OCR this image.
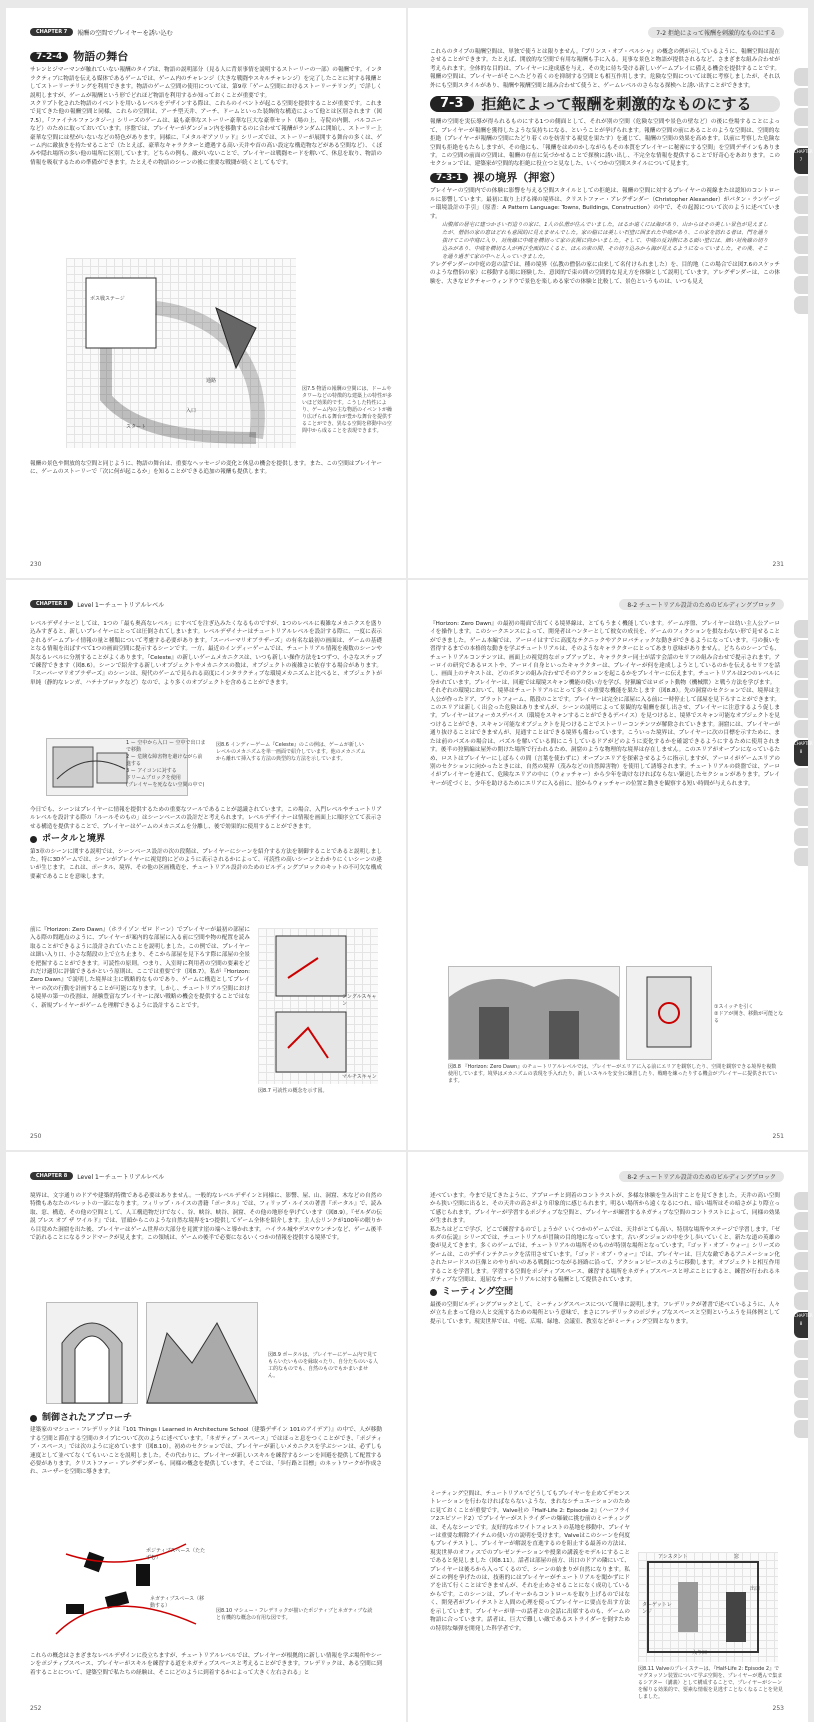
CHAPTER 7	報酬の空間でプレイヤーを誘い込む
7-2-4	物語の舞台
サレンとジマーマンが触れていない報酬のタイプは、物語の説明部分（見る人に背景事情を説明するストーリーの一部）の報酬です。インタラクティブに物語を伝える媒体であるゲームでは、ゲーム内のチャレンジ（大きな戦闘やスキルチャレンジ）を完了したことに対する報酬としてストーリーテリングを利用できます。物語のゲーム空間の使用については、第9章「ゲーム空間におけるストーリーテリング」で詳しく説明しますが、ゲームが報酬という形でどれほど物語を利用するか知っておくことが重要です。
スクリプト化された物語のイベントを用いるレベルをデザインする際は、これらのイベントが起こる空間を提供することが重要です。これまで見てきた他の報酬空間と同様、これらの空間は、アーチ型天井、アーチ、ドームといった装飾的な構造によって他とは区別されます（図7.5）。『ファイナルファンタジー』シリーズのゲームは、最も豪華なストーリー豪華な巨大な豪華セット（場の上、寺院の内側、バルコニーなど）のために取っておいています。序盤では、プレイヤーがダンジョン内を移動するのに合わせて報酬がランダムに開始し、ストーリー上豪華な空間には壁がいないなどの特色があります。同様に、『メタルギアソリッド』シリーズでは、ストーリーが展開する舞台の多くは、ゲーム内に敵抜きを持たせることで（たとえば、豪華なキャラクターと遭遇する高い天井や首の高い設定な構造物などがある空間など）、くぼみや隠れ場所の多い他の場所に区別しています。どちらの例も、敵がいないことで、プレイヤーは戦闘モードを解いて、休息を取り、物語の情報を吸収するための準備ができます。たとえその物語のシーンの後に重要な戦闘が続くとしてもです。
ボス戦ステージ
スタート
通路
入口
図7.5 物語の報酬の空間には、ドームやタワーなどの特徴的な建築上の特性が多いほど効果的です。こうした特性により、ゲーム内の主な物語のイベントが繰り広げられる舞台が豊かな舞台を提供することができ、異なる空間を移動中の空間中から成ることを表現できます。
報酬の景色や開放的な空間と同じように、物語の舞台は、重要なヘッセージの変化と休息の機会を提供します。また、この空間はプレイヤーに、ゲームのストーリーで「次に何が起こるか」を知ることができる追加の報酬も提供します。
230
7-2 拒絶によって報酬を刺激的なものにする
CHAPTER 7
これらのタイプの報酬空間は、単独で使うとは限りません。『プリンス・オブ・ペルシャ』の概念の例が示しているように、報酬空間は混在させることができます。たとえば、開放的な空間で有用な報酬も手に入る。見事な景色と物語が提供されるなど、さまざまな組み合わせが考えられます。全体的な目的は、プレイヤーに達成感を与え、その先に待ち受ける新しいゲームプレイに備える機会を提供することです。報酬の空間は、プレイヤーがそこへたどり着くのを抑制する空間とも相互作用します。危険な空間については既に考察しましたが、それ以外にも空間スタイルがあり、報酬や報酬空間と組み合わせて使うと、ゲームレベルのさらなる探検へと誘い出すことができます。
7-3	拒絶によって報酬を刺激的なものにする
報酬の空間を実伝導が得られるものにする1つの側面として、それが別の空間（危険な空間や景色の壁など）の後に登場することによって、プレイヤーが報酬を獲得したような気持ちになる、ということが挙げられます。報酬の空間の前にあることのような空間は、空間的な拒絶（プレイヤーが報酬の空間にたどり着くのを妨害する視覚を果たす）を通じて、報酬の空間の効果を高めます。以前に考察した危険な空間も拒絶をもたらしますが、その他にも、「報酬をはめのかしながらもその本質をプレイヤーに秘密にする空間」を空間デザインもあります。この空間の前面の空間は、報酬の存在に気づかせることで探検に誘い出し、不完全な情報を提供することで好奇心をあおります。このセクションでは、建築家が空間的な拒絶に役立つと見なした、いくつかの空間スタイルについて見ます。
7-3-1	裸の境界（押窓）
プレイヤーの空間内での体験に影響を与える空間スタイルとしての拒絶は、報酬の空間に対するプレイヤーの視線または認知のコントロールに影響しています。最初に取り上げる裸の境界は、クリストファー・アレグザンダー（Christopher Alexander）がパタン・ランゲージ ー環境設計の手引」（原書：A Pattern Language: Towns, Buildings, Construction）の中で、その起源について次のように述べています。
山腹部の居宅に建つかさい石造りの家に、1人の仏僧が住んでいました。はるか遠くには海があり、山からはその美しい景色が見えましたが、僧侶の家の窓はどれも意図的に見えませんでした。家の脇には美しい石壁に囲まれた中庭があり、この家を訪れる者は、門を通り抜けてこの中庭に入り、対角線に中庭を横切って家の玄関に向かいました。そして、中庭の反対側にある面い壁には、細い対角線の切り込みがあり、中庭を横切る人が再び全面的にくると、ほんの束の間、その切り込みから海が見えるようになっていました。その後、そこを通り過ぎて家の中へと入っていきました。
アレグザンダーの中庭の窓の話では、種の境界（仏教の僧侶の家に由来して名付けられました）を、目的地（この場合では図7.6のスケッチのような僧侶の家）に移動する間に経験した、意図的で束の間の空間的な見え方を体験として説明しています。アレグザンダーは、この体験を、大きなピクチャーウィンドウで景色を楽しめる家での体験と比較して、景色というものは、いつも見え
231
CHAPTER 8	Level 1ーチュートリアルレベル
レベルデザイナーとしては、1つの「最も奥高なレベル」にすべてを注ぎ込みたくなるものですが、1つのレベルに複雑なメカニクスを盛り込みすぎると、新しいプレイヤーにとっては圧倒されてしまいます。レベルデザイナーはチュートリアルレベルを設計する際に、一度に表示されるゲームプレイ情報の量と種類について考慮する必要があります。「スーパーマリオブラザーズ」の有名な最初の画面は、ゲームの基礎となる情報を出ばすべて1つの画面空間に提示するシーンです。一方、最近のインディーゲームでは、チュートリアル情報を複数のシーンや異なるレベルに分割することがよくあります。『Celeste』の新しいゲームメカニクスは、いつも新しい操作方法を1つずつ、小さなステップで練習できます（図8.6）。シーンで紹介する新しいオブジェクトやメカニクスの数は、オブジェクトの複雑さに依存する場合があります。『スーパーマリオブラザーズ』のシーンは、現代のゲームで見られる高度にインタラクティブな環境メカニズムと比べると、オブジェクトが単純（静的なレンガ、ハテナブロックなど）なので、より多くのオブジェクトを含めることができます。
1 ー 空中から入口 ー 空中で出口まで移動
2 ー 危険な障害物を避けながら前進する
3 ー アイコンに対する
ドリームブロックを使用
(プレイヤーを死なない空間の中で)
図8.6 インディーゲーム『Celeste』のこの例は、ゲームが新しいレベルのメカニズムを単一画面で紹介しています。他のメカニズムから離れて挿入する方法の典型的な方法を示しています。
今日でも、シーンはプレイヤーに情報を提供するための重要なツールであることが認識されています。この場合、入門レベルやチュートリアルレベルを設計する際の「ルールそのもの」はシーンベースの設計だと考えられます。レベルデザイナーは情報を画面上に順序立てて表示させる構造を提供することで、プレイヤーはゲームのメカニズムを分離し、後で効果的に使用することができます。
ポータルと境界
第3章のシーンに関する説明では、シーンベース設計の次の段階は、プレイヤーにシーンを紹介する方法を制御することであると説明しました。特に3Dゲームでは、シーンがプレイヤーに視覚的にどのように表示されるかによって、可読性の高いシーンとわかりにくいシーンの違いが生じます。これは、ポータル、境界、その他の区画構造を、チュートリアル設計のためのビルディングブロックのキットの不可欠な構成要素であることを意味します。
前に『Horizon: Zero Dawn』（ホライゾン ゼロ ドーン）でプレイヤーが最初の部屋に入る際の問題点のように、プレイヤーが案内的な部屋に入る前に空間や物の配置を読み取ることができるように設計されていたことを説明しました。この例では、プレイヤーは細い入り口、小さな階段の上で立ち止まり、そこから部屋を見下ろす際に部屋の全景を把握することができます。可読性の原則。つまり、入室時に利用者の空間の要素をどれだけ適切に評価できるかという原則は、ここでは重要です（図8.7）。私が『Horizon: Zero Dawn』で説明した境界は主に戦略的なものであり、ゲームに構造としてプレイヤーの次の行動を計画することが可能になります。しかし、チュートリアル空間における境界の第一の役割は、経験豊富なプレイヤーに深い戦略の機会を提供することではなく、新規プレイヤーがゲームを理解できるように設計することです。
シングルスキャン
マルチスキャン
図8.7 可読性の概念を示す図。
250
8-2 チュートリアル設計のためのビルディングブロック
CHAPTER 8
『Horizon: Zero Dawn』の最初の場面で出てくる境界線は、とてもうまく機能しています。ゲーム序盤、プレイヤーは幼い主人公アーロイを操作します。このシークエンスによって、開発者はハンターとして彼女の成長を、ゲームのフィクションを損なわない形で見せることができました。ゲーム本編では、アーロイはすでに高度なテクニックやアクロバティックな動きができるようになっています。弓の扱いを習得するまでの本格的な動きを学ぶチュートリアルは、そのようなキャラクターにとってあまり意味がありません。どちらのシーンでも、チュートリアルコンテンツは、画面上の視覚的なポップアップと、キャラクター同士が話す会話のセリフの組み合わせで提示されます。アーロイの研究であるロストや、アーロイ自身といったキャラクターは、プレイヤーが何を達成しようとしているのかを伝えるセリフを話し、画面上のテキストは、どのボタンの組み合わせでそのアクションを起こるかをプレイヤーに伝えます。チュートリアルは2つのレベルに分かれています。プレイヤーは、回避では環境スキャン機能の使い方を学び、狩猟編ではロボット動物（機械獣）と戦う方法を学びます。
それぞれの環境において、境界はチュートリアルにとって多くの重要な機能を果たします（図8.8）。先の洞窟のセクションでは、境界は主人公が作ったドア、プラットフォーム、階段のことです。プレイヤーは完全に部屋に入る前に一時停止して部屋を見下ろすことができます。このエリアは新しく出会った危険はありませんが、シーンの説明によって景観的な報酬を探し出させ、プレイヤーに注意するよう促します。プレイヤーはフォーカスデバイス（環境をスキャンすることができるデバイス）を見つけると、境界でスキャン可能なオブジェクトを見つけることができ、スキャン可能なオブジェクトを見つけることでストーリーコンテンツが解除されていきます。洞窟には、プレイヤーが通り抜けることはできませんが、見通すことはできる境界も備わっています。こういった境界は、プレイヤーに次の目標を示すために、または前のパズルの場合は、パズルを解いている間にこうしているドアがどのように変化するかを確認できるようにするために使用されます。後半の狩猟編は屋外の開けた場所で行われるため、洞窟のような物理的な境界は存在しません。このエリアがオープンになっているため、ロストはプレイヤーにしばらくの間（言葉を使わずに）オープンエリアを探索させるように指示しますが、アーロイがゲームエリアの別のセクションに向かったときには、自然の境界（茂みなどの自然障害物）を使用して誘導されます。チュートリアルの終盤では、アーロイがプレイヤーを連れて、危険なエリアの中に（ウォッチャー）から少年を助けなければならない緊迫したセクションがあります。プレイヤーが近づくと、少年を助けるためにエリアに入る前に、崖からウォッチャーの位置と動きを観察する短い時間が与えられます。
①スイッチを引く
②ドアが開き、移動が可能となる
図8.8 『Horizon: Zero Dawn』のチュートリアルレベルでは、プレイヤーがエリアに入る前にエリアを観察したり、空間を観察できる境界を複数使用しています。境界はメカニズムの表現を手入れたり、新しいスキルを安全に練習したり、戦略を練ったりする機会がプレイヤーに提供されています。
251
CHAPTER 8	Level 1ーチュートリアルレベル
境界は、文字通りのドアや建築的特徴である必要はありません。一般的なレベルデザインと同様に、影響、屋、山、洞窟、木などの自然の特徴もあなたのパレットの一部になります。フィリップ・ルイスの書籍『ポータル』では、フィリップ・ルイスの著書『ポータル』で、読み取、窓、構造、その他の空間として、人工構造物だけでなく、谷、峡谷、峡谷、洞窟、その他の地形を挙げています（図8.9）。『ゼルダの伝説 ブレス オブ ザ ワイルド』では、冒頭からこのような自然な境界を1つ提供してゲーム全体を紹介します。主人公リンクが100年の眠りから目覚めた洞窟を出た後、プレイヤーはゲーム世界の大部分を見渡す崖の端へと導かれます。ハイラル城やデスマウンテンなど、ゲーム後半で訪れることになるランドマークが見えます。この領域は、ゲームの後半で必要になるいくつかの情報を提供する境界です。
図8.9 ポータルは、プレイヤーにゲーム内で見てもらいたいものを縁取ったり、自分たちのいる人工的なものでも、自然のものでもかまいません。
制御されたアプローチ
建築家のマシュー・フレデリックは『101 Things I Learned in Architecture School（建築デザイン 101のアイデア）』の中で、人が移動する空間と滞在する空間のタイプについて次のように述べています。「ネガティブ・スペース」ではほっと息をつくことができ、「ポジティブ・スペース」では次のように定めています（図8.10）。初めのセクションでは、プレイヤーが新しいメカニクスを学ぶシーンは、必ずしも速度として並べてなくてもいいことを説明しました。その代わりに、プレイヤーが新しいスキルを練習するシーンを回避を提供して配置する必要があります。クリストファー・アレグザンダーも、同様の概念を提供しています。そこでは、「歩行路と目標」のネットワークが作成され、ユーザーを空間に導きます。
ポジティブスペース（たたずむ）
ネガティブスペース（移動する）
図8.10 マシュー・フレデリックが描いたポジティブとネガティブな読と有機的な概念の有用な図です。
これらの概念はさまざまなレベルデザインに役立ちますが、チュートリアルレベルでは、プレイヤーが根拠的に新しい情報を学ぶ場所やシーンをポジティブスペース、プレイヤーがスキルを練習する道をネガティブスペースと考えることができます。フレデリックは、ある空間に到着することについて、建築空間で私たちの経験は、そこにどのように到着するかによって大きく左右される」と
252
8-2 チュートリアル設計のためのビルディングブロック
CHAPTER 8
述べています。今まで見てきたように、アプローチと到着のコントラストが、多様な体験を生み出すことを見てきました。天井の高い空間から狭い空間に出ると、その天井の高さがより印象的に感じられます。明るい場所から遠くなるにつれ、暗い場所はその暗さがより際立って感じられます。プレイヤーが学習するポジティブな空間と、プレイヤーが練習するネガティブな空間のコントラストによって、同様の効果が生まれます。
私たちはどこで学び、どこで練習するのでしょうか？いくつかのゲームでは、天井がとても高い、特別な場所やステージで学習します。『ゼルダの伝説』シリーズでは、チュートリアルが冒険の目的地になっています。古いダンジョンの中を少し歩いていくと、新たな道の英雄の姿が見えてきます。多くのゲームでは、チュートリアルの場所そのものが特別な場所となっています。『ゴッド・オブ・ウォー』シリーズのゲームは、このデザインテクニックを活用させています。『ゴッド・オブ・ウォー』では、プレイヤーは、巨大な敵であるアニメーション化されたロードスの巨像とのやりがいのある戦闘につながる経路に沿って、アクションピースのように移動します。オブジェクトと相互作用することを学習します。学習する空間をポジティブスペース、練習する場所をネガティブスペースと呼ぶことにすると、練習が行われるネガティブな空間は、退屈なチュートリアルに対する報酬として提供されています。
ミーティング空間
最後の空間ビルディングブロックとして、ミーティングスペースについて簡単に説明します。フレデリックが著書で述べているように、人々が立ち止まって他の人と交流するための場所という意味で、まさにフレデリックのポジティブなスペースと空間というふうを具体例として提示しています。現実世界では、中庭、広場、緑地、会議室、教室などがミーティング空間となります。
ミーティング空間は、チュートリアルでどうしてもプレイヤーを止めてデモンストレーションを行わなければならないような、まれなシチュエーションのために見ておくことが重要です。Valve社の『Half-Life 2: Episode 2』（ハーフライフ2エピソード2）でプレイヤーがストライダーの爆破に挑む前のミーティングは、そんなシーンです。友好的なホワイトフォレストの基地を移動中、プレイヤーは重要な解除アイテムの使い方の説明を受けます。Valveはこのシーンを何度もプレイテストし、プレイヤーが解説を直進するのを阻止する最善の方法は、現実世界のオフィスでのプレゼンテーションや授業の講義をモデルにすることであると発見しました（図8.11）。話者は部屋の前方、出口のドアの隣にいて、プレイヤーは後ろから入ってくるので、シーンの始まりが自然になります。私がこの例を挙げたのは、技術的にはプレイヤーがチュートリアルを聞かずにドアを出て行くことはできませんが、それを止めさせることになく成功しているからです。このシーンは、プレイヤーからコントロールを取り上げるのではなく、開発者がプレイテストと人間の心理を使ってプレイヤーに要点を出す方法を示しています。プレイヤーが単一の話者との会話に出席するのも、ゲームの物語に合っています。話者は、巨大で難しい敵であるストライダーを倒すための特別な爆弾を開発した科学者です。
アシスタント	窓
出口
ターゲットレンジ
入り口
図8.11 Valveのプレイステーは、『Half-Life 2: Episode 2』でマグヌッソン装置について学ぶ空間を、プレイヤーが選んで集まるシアター（講義）として構成することで、プレイヤーがシーンを解りる効果的で、要素な情報を見逃すことなくなることを発見しました。
253
